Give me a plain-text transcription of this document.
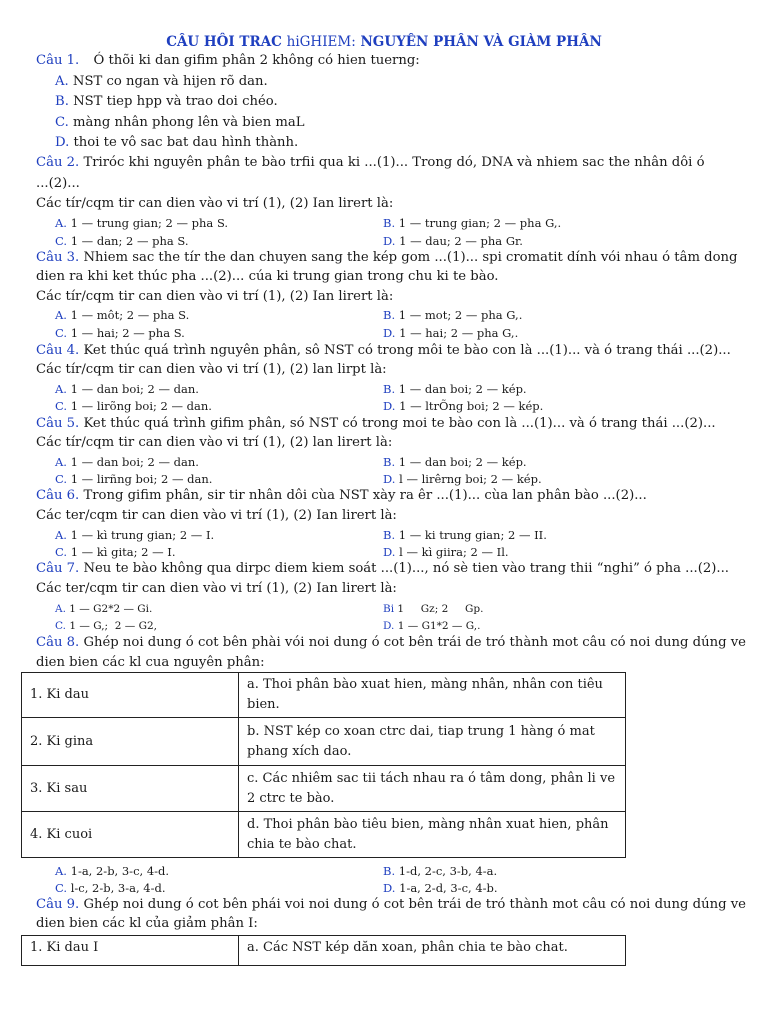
CÂU HÔI TRAC hiGHIEM: NGUYÊN PHÂN VÀ GIÀM PHÂN
Câu 1. Ó thõi ki dan gifim phân 2 không có hien tuerng:
A. NST co ngan và hijen rõ dan.
B. NST tiep hpp và trao doi chéo.
C. màng nhân phong lên và bien maL
D. thoi te vô sac bat dau hình thành.
Câu 2. Triróc khi nguyên phân te bào trfii qua ki ...(1)... Trong dó, DNA và nhiem sac the nhân dôi ó
...(2)...
Các tír/cqm tir can dien vào vi trí (1), (2) Ian lirert là:
A. 1 — trung gian; 2 — pha S.	B. 1 — trung gian; 2 — pha G,.
C. 1 — dan; 2 — pha S.	D. 1 — dau; 2 — pha Gr.
Câu 3. Nhiem sac the tír the dan chuyen sang the kép gom ...(1)... spi cromatit dính vói nhau ó tâm dong
dien ra khi ket thúc pha ...(2)... cúa ki trung gian trong chu ki te bào.
Các tír/cqm tir can dien vào vi trí (1), (2) Ian lirert là:
A. 1 — môt; 2 — pha S.	B. 1 — mot; 2 — pha G,.
C. 1 — hai; 2 — pha S.	D. 1 — hai; 2 — pha G,.
Câu 4. Ket thúc quá trình nguyên phân, sô NST có trong môi te bào con là ...(1)... và ó trang thái ...(2)...
Các tír/cqm tir can dien vào vi trí (1), (2) lan lirpt là:
A. 1 — dan boi; 2 — dan.	B. 1 — dan boi; 2 — kép.
C. 1 — lirõng boi; 2 — dan.	D. 1 — ltrÕng boi; 2 — kép.
Câu 5. Ket thúc quá trình gifim phân, só NST có trong moi te bào con là ...(1)... và ó trang thái ...(2)...
Các tír/cqm tir can dien vào vi trí (1), (2) lan lirert là:
A. 1 — dan boi; 2 — dan.	B. 1 — dan boi; 2 — kép.
C. 1 — lirñng boi; 2 — dan.	D. l — lirêrng boi; 2 — kép.
Câu 6. Trong gifim phân, sir tir nhân dôi cùa NST xày ra êr ...(1)... cùa lan phân bào ...(2)...
Các ter/cqm tir can dien vào vi trí (1), (2) Ian lirert là:
A. 1 — kì trung gian; 2 — I.	B. 1 — ki trung gian; 2 — II.
C. 1 — kì gita; 2 — I.	D. l — kì giira; 2 — Il.
Câu 7. Neu te bào không qua dirpc diem kiem soát ...(1)..., nó sè tien vào trang thii “nghi” ó pha ...(2)...
Các ter/cqm tir can dien vào vi trí (1), (2) Ian lirert là:
A. 1 — G2*2 — Gi.	Bi 1     Gz; 2     Gp.
C. 1 — G,;  2 — G2,	D. 1 — G1*2 — G,.
Câu 8. Ghép noi dung ó cot bên phài vói noi dung ó cot bên trái de tró thành mot câu có noi dung dúng ve
dien bien các kl cua nguyên phân:
1. Ki dau	a. Thoi phân bào xuat hien, màng nhân, nhân con tiêu bien.
2. Ki gina	b. NST kép co xoan ctrc dai, tiap trung 1 hàng ó mat phang xích dao.
3. Ki sau	c. Các nhiêm sac tii tách nhau ra ó tâm dong, phân li ve 2 ctrc te bào.
4. Ki cuoi	d. Thoi phân bào tiêu bien, màng nhân xuat hien, phân chia te bào chat.
A. 1-a, 2-b, 3-c, 4-d.	B. 1-d, 2-c, 3-b, 4-a.
C. l-c, 2-b, 3-a, 4-d.	D. 1-a, 2-d, 3-c, 4-b.
Câu 9. Ghép noi dung ó cot bên phái voi noi dung ó cot bên trái de tró thành mot câu có noi dung dúng ve
dien bien các kl của giảm phân I:
1. Ki dau I	a. Các NST kép dăn xoan, phân chia te bào chat.
